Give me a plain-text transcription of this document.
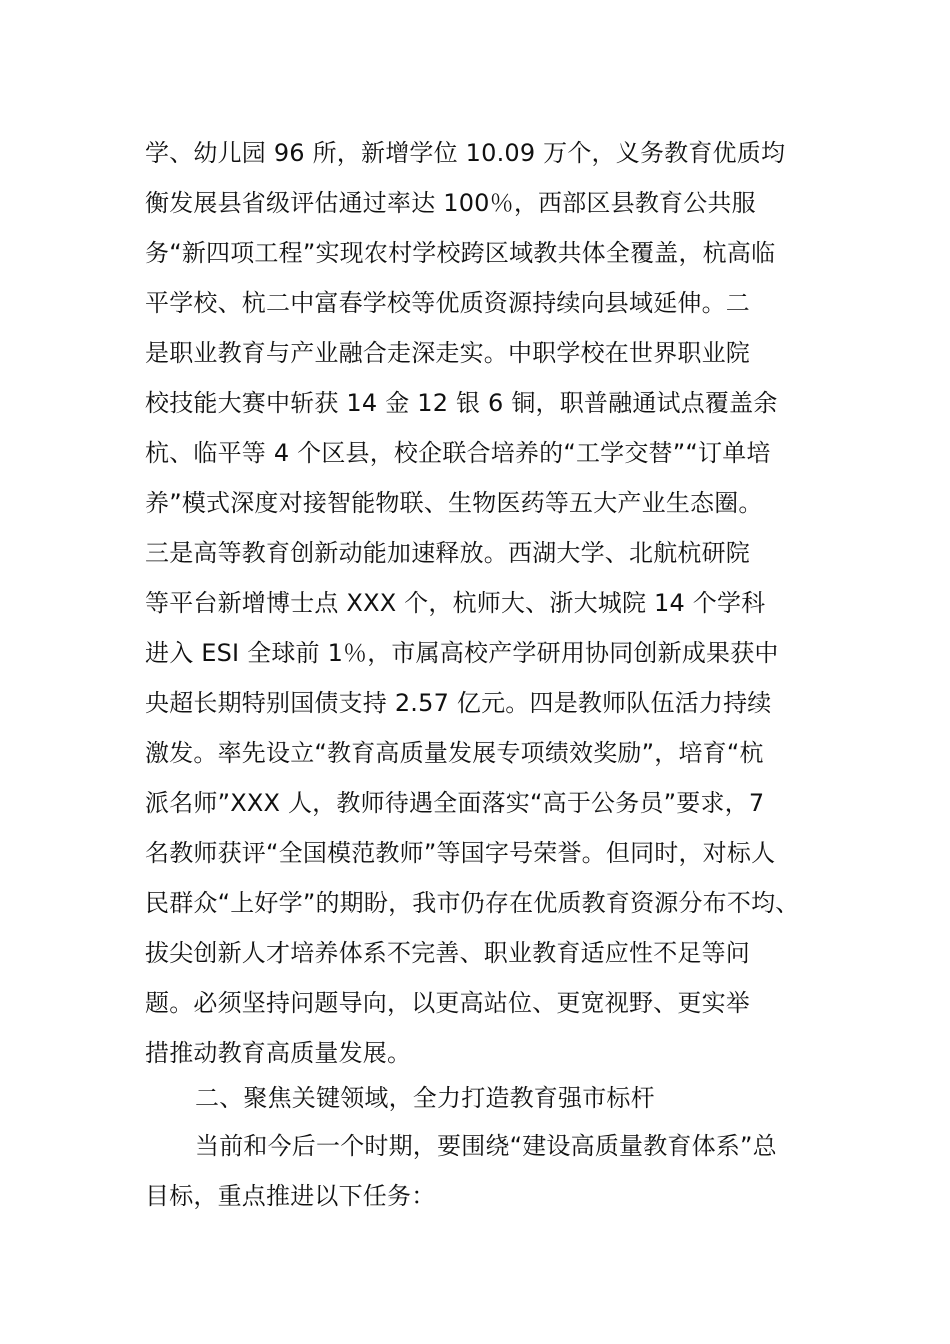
学、幼儿园 96 所，新增学位 10.09 万个，义务教育优质均
衡发展县省级评估通过率达 100％，西部区县教育公共服
务“新四项工程”实现农村学校跨区域教共体全覆盖，杭高临
平学校、杭二中富春学校等优质资源持续向县域延伸。二
是职业教育与产业融合走深走实。中职学校在世界职业院
校技能大赛中斩获 14 金 12 银 6 铜，职普融通试点覆盖余
杭、临平等 4 个区县，校企联合培养的“工学交替”“订单培
养”模式深度对接智能物联、生物医药等五大产业生态圈。
三是高等教育创新动能加速释放。西湖大学、北航杭研院
等平台新增博士点 XXX 个，杭师大、浙大城院 14 个学科
进入 ESI 全球前 1％，市属高校产学研用协同创新成果获中
央超长期特别国债支持 2.57 亿元。四是教师队伍活力持续
激发。率先设立“教育高质量发展专项绩效奖励”，培育“杭
派名师”XXX 人，教师待遇全面落实“高于公务员”要求，7
名教师获评“全国模范教师”等国字号荣誉。但同时，对标人
民群众“上好学”的期盼，我市仍存在优质教育资源分布不均、
拔尖创新人才培养体系不完善、职业教育适应性不足等问
题。必须坚持问题导向，以更高站位、更宽视野、更实举
措推动教育高质量发展。
二、聚焦关键领域，全力打造教育强市标杆
当前和今后一个时期，要围绕“建设高质量教育体系”总
目标，重点推进以下任务：
